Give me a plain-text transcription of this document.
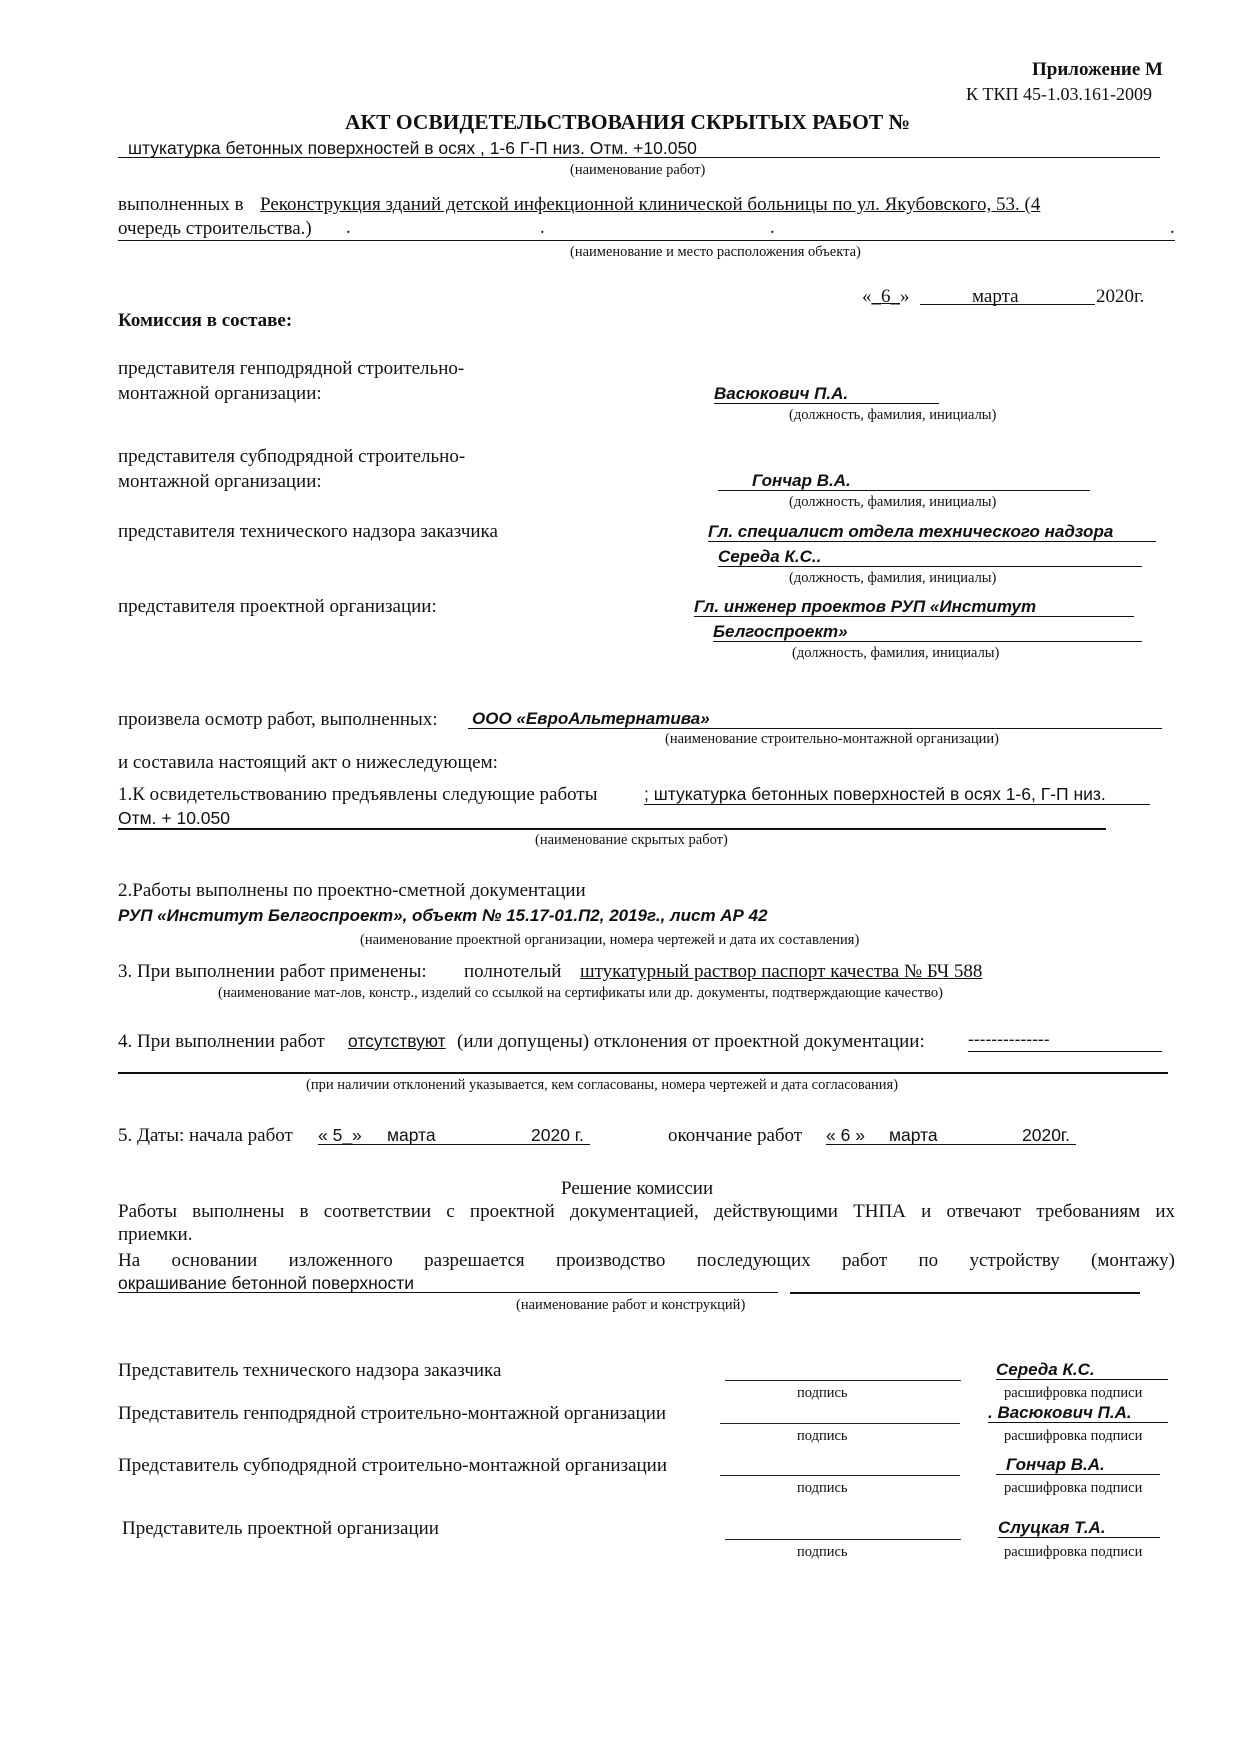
Приложение М
К ТКП 45-1.03.161-2009
АКТ ОСВИДЕТЕЛЬСТВОВАНИЯ СКРЫТЫХ РАБОТ №
штукатурка бетонных поверхностей в осях , 1-6 Г-П низ. Отм. +10.050
(наименование работ)
выполненных в Реконструкция зданий детской инфекционной клинической больницы по ул. Якубовского, 53. (4
очередь строительства.) .	.	.	.
(наименование и место расположения объекта)
«_6_»	марта	2020г.
Комиссия в составе:
представителя генподрядной строительно-
монтажной организации:	Васюкович П.А.
(должность, фамилия, инициалы)
представителя субподрядной строительно-
монтажной организации:	Гончар В.А.
(должность, фамилия, инициалы)
представителя технического надзора заказчика	Гл. специалист отдела технического надзора
Середа К.С..
(должность, фамилия, инициалы)
представителя проектной организации:	Гл. инженер проектов РУП «Институт
Белгоспроект»
(должность, фамилия, инициалы)
произвела осмотр работ, выполненных: ООО «ЕвроАльтернатива»
(наименование строительно-монтажной организации)
и составила настоящий акт о нижеследующем:
1.К освидетельствованию предъявлены следующие работы	; штукатурка бетонных поверхностей в осях 1-6, Г-П низ.
Отм. + 10.050
(наименование скрытых работ)
2.Работы выполнены по проектно-сметной документации
РУП «Институт Белгоспроект», объект № 15.17-01.П2, 2019г., лист АР 42
(наименование проектной организации, номера чертежей и дата их составления)
3. При выполнении работ применены: полнотелый штукатурный раствор паспорт качества № БЧ 588
(наименование мат-лов, констр., изделий со ссылкой на сертификаты или др. документы, подтверждающие качество)
4. При выполнении работ отсутствуют (или допущены) отклонения от проектной документации: --------------
(при наличии отклонений указывается, кем согласованы, номера чертежей и дата согласования)
5. Даты: начала работ « 5_» марта	2020 г.	окончание работ « 6 » марта	2020г.
Решение комиссии
Работы выполнены в соответствии с проектной документацией, действующими ТНПА и отвечают требованиям их
приемки.
На основании изложенного разрешается производство последующих работ по устройству (монтажу)
окрашивание бетонной поверхности
(наименование работ и конструкций)
Представитель технического надзора заказчика
подпись
Середа К.С.
расшифровка подписи
Представитель генподрядной строительно-монтажной организации
подпись
. Васюкович П.А.
расшифровка подписи
Представитель субподрядной строительно-монтажной организации
подпись
Гончар В.А.
расшифровка подписи
Представитель проектной организации
подпись
Слуцкая Т.А.
расшифровка подписи
